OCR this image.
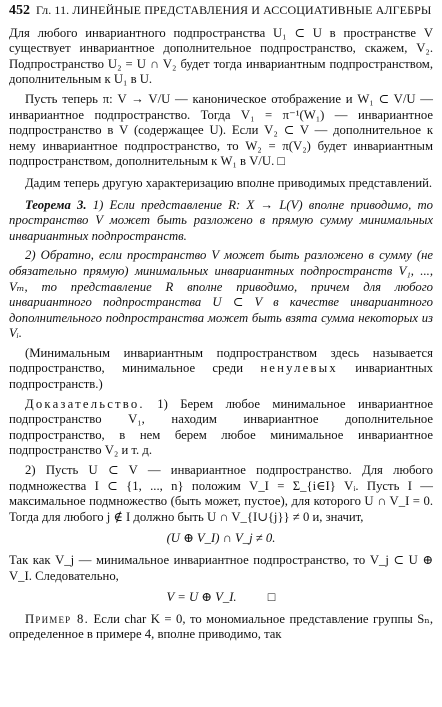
452 Гл. 11. ЛИНЕЙНЫЕ ПРЕДСТАВЛЕНИЯ И АССОЦИАТИВНЫЕ АЛГЕБРЫ

Для любого инвариантного подпространства U₁ ⊂ U в пространстве V существует инвариантное дополнительное подпространство, скажем, V₂. Подпространство U₂ = U ∩ V₂ будет тогда инвариантным подпространством, дополнительным к U₁ в U.

Пусть теперь π: V → V/U — каноническое отображение и W₁ ⊂ V/U — инвариантное подпространство. Тогда V₁ = π⁻¹(W₁) — инвариантное подпространство в V (содержащее U). Если V₂ ⊂ V — дополнительное к нему инвариантное подпространство, то W₂ = π(V₂) будет инвариантным подпространством, дополнительным к W₁ в V/U. □

Дадим теперь другую характеризацию вполне приводимых представлений.

Теорема 3. 1) Если представление R: X → L(V) вполне приводимо, то пространство V может быть разложено в прямую сумму минимальных инвариантных подпространств.

2) Обратно, если пространство V может быть разложено в сумму (не обязательно прямую) минимальных инвариантных подпространств V₁, ..., Vₘ, то представление R вполне приводимо, причем для любого инвариантного подпространства U ⊂ V в качестве инвариантного дополнительного подпространства может быть взята сумма некоторых из Vᵢ.

(Минимальным инвариантным подпространством здесь называется подпространство, минимальное среди ненулевых инвариантных подпространств.)

Доказательство. 1) Берем любое минимальное инвариантное подпространство V₁, находим инвариантное дополнительное подпространство, в нем берем любое минимальное инвариантное подпространство V₂ и т. д.

2) Пусть U ⊂ V — инвариантное подпространство. Для любого подмножества I ⊂ {1, ..., n} положим V_I = Σ_{i∈I} Vᵢ. Пусть I — максимальное подмножество (быть может, пустое), для которого U ∩ V_I = 0. Тогда для любого j ∉ I должно быть U ∩ V_{I∪{j}} ≠ 0 и, значит,

(U ⊕ V_I) ∩ V_j ≠ 0.

Так как V_j — минимальное инвариантное подпространство, то V_j ⊂ U ⊕ V_I. Следовательно,

V = U ⊕ V_I. □

Пример 8. Если char K = 0, то мономиальное представление группы Sₙ, определенное в примере 4, вполне приводимо, так
